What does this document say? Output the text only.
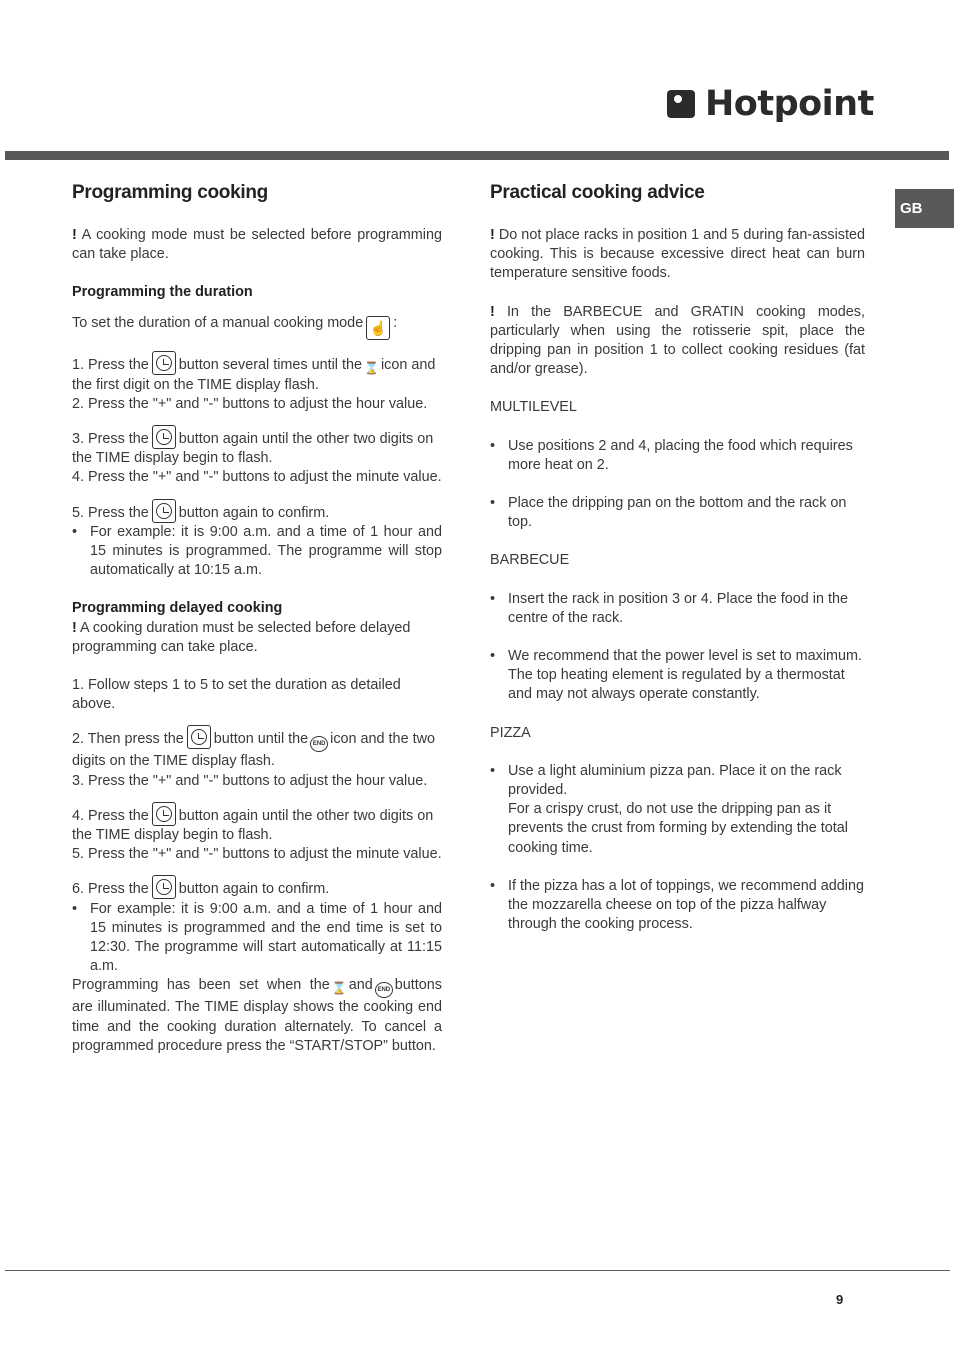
Hotpoint
GB
Programming cooking

! A cooking mode must be selected before programming can take place.

Programming the duration

To set the duration of a manual cooking mode ☝ :

1. Press the button several times until the ⌛ icon and the first digit on the TIME display flash.

2. Press the "+" and "-" buttons to adjust the hour value.

3. Press the button again until the other two digits on the TIME display begin to flash.

4. Press the "+" and "-" buttons to adjust the minute value.

5. Press the button again to confirm.

• For example: it is 9:00 a.m. and a time of 1 hour and 15 minutes is programmed. The programme will stop automatically at 10:15 a.m.

Programming delayed cooking

! A cooking duration must be selected before delayed programming can take place.

1. Follow steps 1 to 5 to set the duration as detailed above.

2. Then press the button until the END icon and the two digits on the TIME display flash.

3. Press the "+" and "-" buttons to adjust the hour value.

4. Press the button again until the other two digits on the TIME display begin to flash.

5. Press the "+" and "-" buttons to adjust the minute value.

6. Press the button again to confirm.

• For example: it is 9:00 a.m. and a time of 1 hour and 15 minutes is programmed and the end time is set to 12:30. The programme will start automatically at 11:15 a.m.

Programming has been set when the ⌛ and END buttons are illuminated. The TIME display shows the cooking end time and the cooking duration alternately. To cancel a programmed procedure press the “START/STOP” button.

Practical cooking advice

! Do not place racks in position 1 and 5 during fan-assisted cooking. This is because excessive direct heat can burn temperature sensitive foods.

! In the BARBECUE and GRATIN cooking modes, particularly when using the rotisserie spit, place the dripping pan in position 1 to collect cooking residues (fat and/or grease).

MULTILEVEL

• Use positions 2 and 4, placing the food which requires more heat on 2.

• Place the dripping pan on the bottom and the rack on top.

BARBECUE

• Insert the rack in position 3 or 4. Place the food in the centre of the rack.

• We recommend that the power level is set to maximum. The top heating element is regulated by a thermostat and may not always operate constantly.

PIZZA

• Use a light aluminium pizza pan. Place it on the rack provided.

For a crispy crust, do not use the dripping pan as it prevents the crust from forming by extending the total cooking time.

• If the pizza has a lot of toppings, we recommend adding the mozzarella cheese on top of the pizza halfway through the cooking process.

9
